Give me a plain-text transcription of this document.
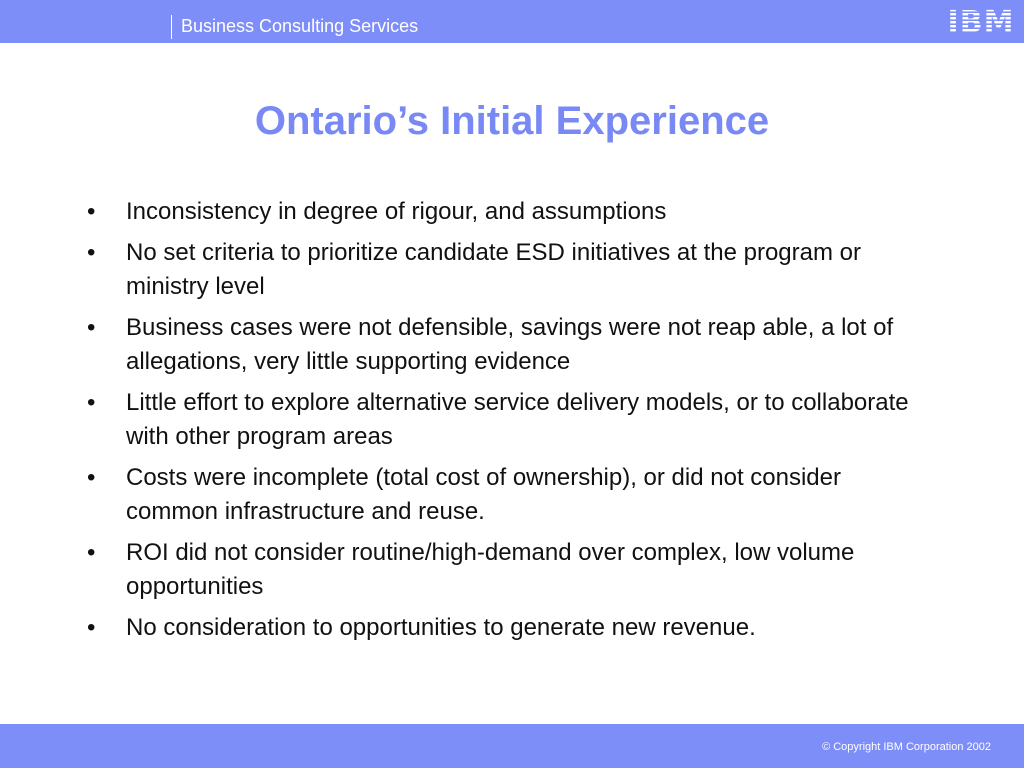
Business Consulting Services	IBM
Ontario’s Initial Experience
•	Inconsistency in degree of rigour, and assumptions
•	No set criteria to prioritize candidate ESD initiatives at the program or ministry level
•	Business cases were not defensible, savings were not reap able, a lot of allegations, very little supporting evidence
•	Little effort to explore alternative service delivery models, or to collaborate with other program areas
•	Costs were incomplete (total cost of ownership), or did not consider common infrastructure and reuse.
•	ROI did not consider routine/high-demand over complex, low volume opportunities
•	No consideration to opportunities to generate new revenue.
© Copyright IBM Corporation 2002
